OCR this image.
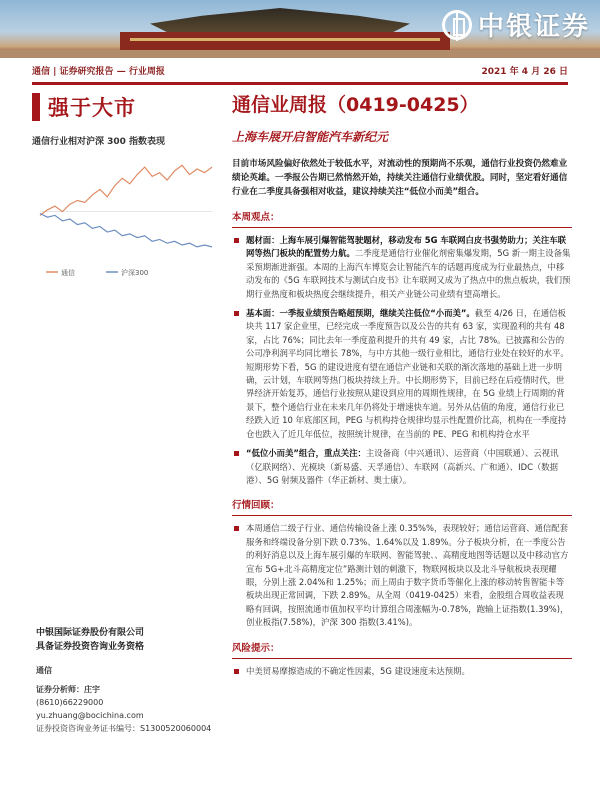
中银证券
通信 | 证券研究报告 — 行业周报	2021 年 4 月 26 日
强于大市
通信行业相对沪深 300 指数表现
通信	沪深300
中银国际证券股份有限公司
具备证券投资咨询业务资格
通信
证券分析师：庄宇
(8610)66229000
yu.zhuang@bocichina.com
证券投资咨询业务证书编号：S1300520060004
通信业周报（0419-0425）
上海车展开启智能汽车新纪元
目前市场风险偏好依然处于较低水平，对流动性的预期尚不乐观，通信行业投资仍然难业绩论英雄。一季报公告期已然悄然开始，持续关注通信行业绩优股。同时，坚定看好通信行业在二季度具备强相对收益，建议持续关注“低位小而美”组合。
本周观点：
题材面：上海车展引爆智能驾驶题材，移动发布 5G 车联网白皮书强势助力；关注车联网等热门板块的配置势力航。二季度是通信行业催化剂密集爆发期，5G 新一期主设备集采预期渐进渐强。本周的上海汽车博览会让智能汽车的话题再度成为行业最热点，中移动发布的《5G 车联网技术与测试白皮书》让车联网又成为了热点中的焦点板块，我们预期行业热度和板块热度会继续提升，相关产业链公司业绩有望高增长。
基本面：一季报业绩预告略超预期，继续关注低位“小而美”。截至 4/26 日，在通信板块共 117 家企业里，已经完成一季度预告以及公告的共有 63 家，实现盈利的共有 48 家，占比 76%；同比去年一季度盈利提升的共有 49 家，占比 78%。已披露和公告的公司净利润平均同比增长 78%，与中方其他一级行业相比，通信行业处在较好的水平。短期形势下看，5G 的建设进度有望在通信产业链和关联的渐次落地的基础上进一步明确，云计划，车联网等热门板块持续上升。中长期形势下，目前已经在后疫情时代，世界经济开始复苏，通信行业按照从建设到应用的周期性规律，在 5G 业绩上行周期的背景下，整个通信行业在未来几年仍将处于增速快车道。另外从估值的角度，通信行业已经跌入近 10 年底部区间，PEG 与机构持仓规律均显示性配置价比高，机构在一季度持仓也跌入了近几年低位，按照统计规律，在当前的 PE、PEG 和机构持仓水平
“低位小而美”组合，重点关注：主设备商（中兴通讯）、运营商（中国联通）、云视讯（亿联网络）、光模块（新易盛、天孚通信）、车联网（高新兴、广和通）、IDC（数据港）、5G 射频及器件（华正新材、奥士康）。
行情回顾：
本周通信二级子行业、通信传输设备上涨 0.35%%，表现较好；通信运营商、通信配套服务和终端设备分别下跌 0.73%、1.64%以及 1.89%。分子板块分析，在一季度公告的利好消息以及上海车展引爆的车联网、智能驾驶、、高精度地图等话题以及中移动官方宣布 5G+北斗高精度定位”路测计划的刺激下，物联网板块以及北斗导航板块表现耀眼，分别上涨 2.04%和 1.25%；而上周由于数字货币等催化上涨的移动转售智能卡等板块出现正常回调，下跌 2.89%。从全周（0419-0425）来看，金股组合周收益表现略有回调，按照流通市值加权平均计算组合周涨幅为-0.78%，跑输上证指数(1.39%)，创业板指(7.58%)，沪深 300 指数(3.41%)。
风险提示：
中美贸易摩擦造成的不确定性因素，5G 建设速度未达预期。
